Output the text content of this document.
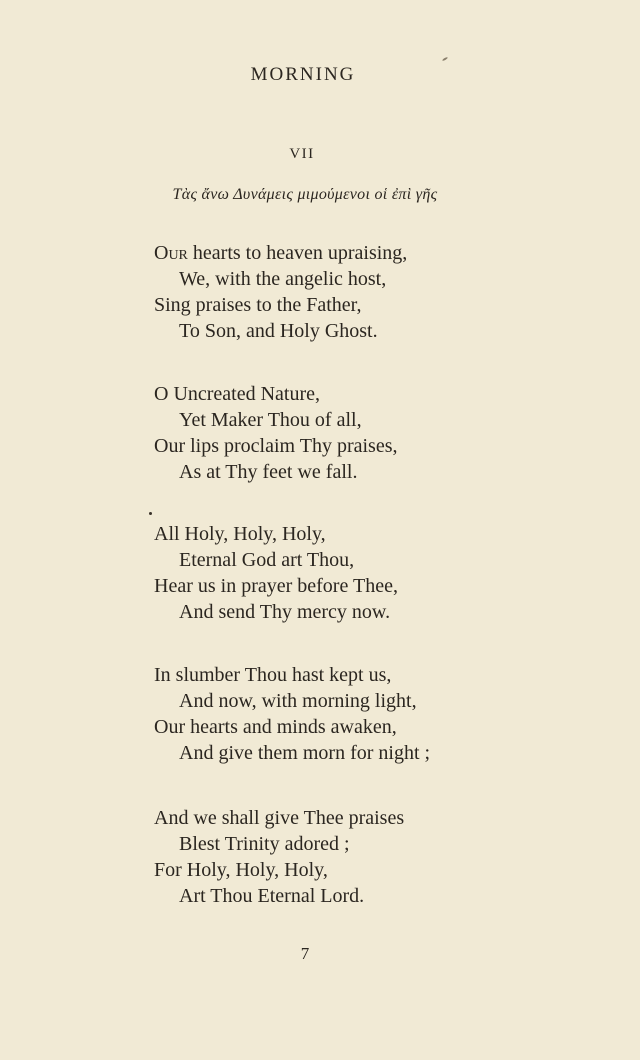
MORNING
VII
Τὰς ἄνω Δυνάμεις μιμούμενοι οἱ ἐπὶ γῆς
Our hearts to heaven upraising,
We, with the angelic host,
Sing praises to the Father,
To Son, and Holy Ghost.
O Uncreated Nature,
Yet Maker Thou of all,
Our lips proclaim Thy praises,
As at Thy feet we fall.
All Holy, Holy, Holy,
Eternal God art Thou,
Hear us in prayer before Thee,
And send Thy mercy now.
In slumber Thou hast kept us,
And now, with morning light,
Our hearts and minds awaken,
And give them morn for night ;
And we shall give Thee praises
Blest Trinity adored ;
For Holy, Holy, Holy,
Art Thou Eternal Lord.
7
